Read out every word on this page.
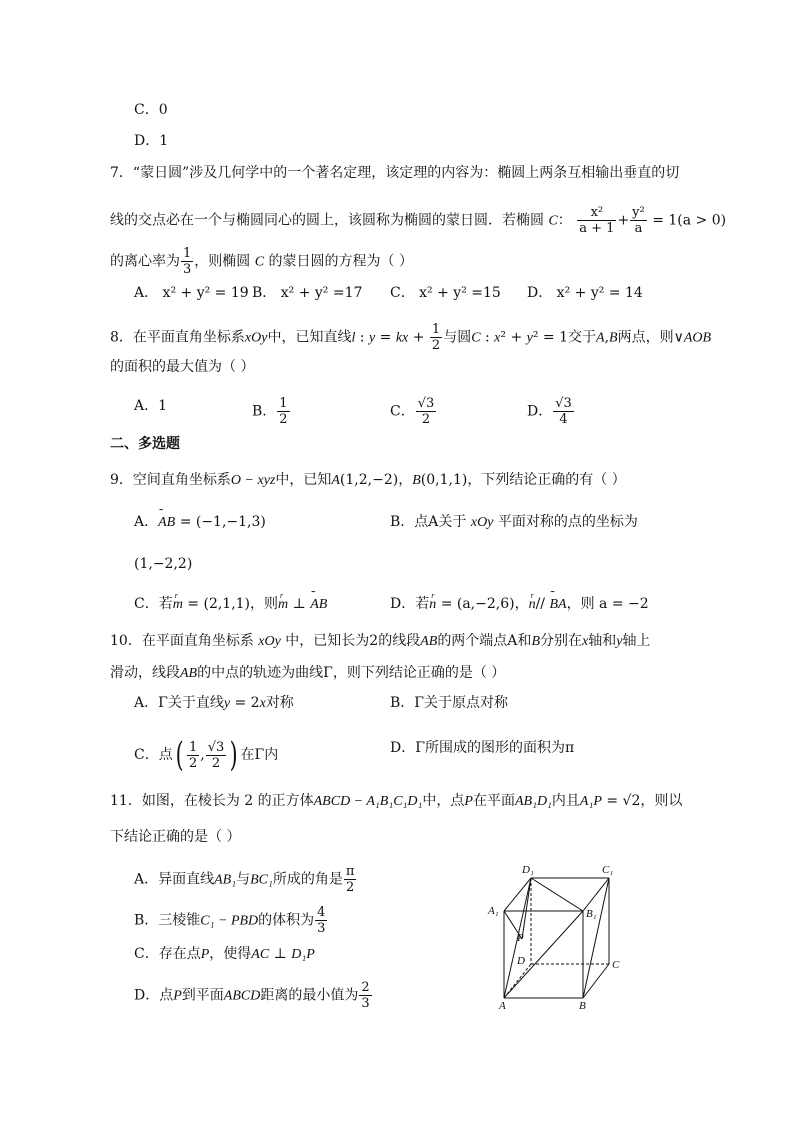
C．0
D．1
7．“蒙日圆”涉及几何学中的一个著名定理，该定理的内容为：椭圆上两条互相输出垂直的切
线的交点必在一个与椭圆同心的圆上，该圆称为椭圆的蒙日圆．若椭圆 C： $\frac{\text{x²}}{a + 1} + \frac{\text{y²}}{a} = 1(a > 0)$
的离心率为 $\frac{1}{3}$ ，则椭圆 C 的蒙日圆的方程为（ ）
A． x² + y² = 19 B． x² + y² =17 C． x² + y² =15 D． x² + y² = 14
8．在平面直角坐标系xOy中，已知直线l : y = kx + $\frac{1}{2}$ 与圆C : x² + y² = 1交于A,B两点，则∨AOB
的面积的最大值为（ ）
A．1	B． $\frac{1}{2}$	C． $\frac{√3}{2}$	D． $\frac{√3}{4}$
二、多选题
9．空间直角坐标系O − xyz中，已知A(1,2,−2)，B(0,1,1)，下列结论正确的有（ ）
A．˜˜ AB = (−1,−1,3)	B．点A关于 xOy 平面对称的点的坐标为
(1,−2,2)
C．若r m = (2,1,1)，则r m ⊥ ˜˜ AB	D．若r n = (a,−2,6)，r n// ˜˜ BA，则 a = −2
10．在平面直角坐标系 xOy 中，已知长为2的线段AB的两个端点A和B分别在x轴和y轴上
滑动，线段AB的中点的轨迹为曲线Γ，则下列结论正确的是（ ）
A．Γ关于直线y = 2x对称	B．Γ关于原点对称
C．点( $\frac{1}{2}$ , $\frac{√3}{2}$ ) 在Γ内	D．Γ所围成的图形的面积为π
11．如图，在棱长为 2 的正方体ABCD − A₁B₁C₁D₁中，点P在平面AB₁D₁内且A₁P = √2，则以
下结论正确的是（ ）
A．异面直线AB₁与BC₁所成的角是 $\frac{\pi}{2}$
B．三棱锥C₁ − PBD的体积为 $\frac{4}{3}$
C．存在点P，使得AC ⊥ D₁P
D．点P到平面ABCD距离的最小值为 $\frac{2}{3}$
D₁	C₁
A₁	B₁
P
D	C
A	B
